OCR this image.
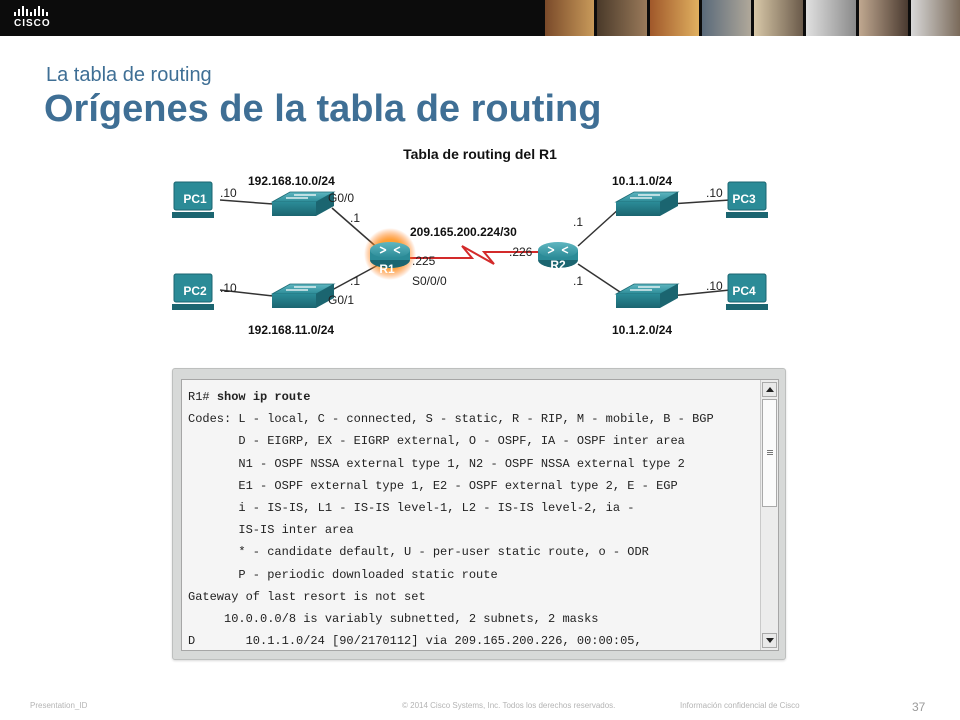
CISCO
La tabla de routing
Orígenes de la tabla de routing
Tabla de routing del R1
R1	R2
PC1
PC2
PC3
PC4
192.168.10.0/24
192.168.11.0/24
209.165.200.224/30
10.1.1.0/24
10.1.2.0/24
.10
.10
.10
.10
G0/0
.1
.1
G0/1
.225
S0/0/0
.226
.1
.1
R1# show ip route
Codes: L - local, C - connected, S - static, R - RIP, M - mobile, B - BGP
D - EIGRP, EX - EIGRP external, O - OSPF, IA - OSPF inter area
N1 - OSPF NSSA external type 1, N2 - OSPF NSSA external type 2
E1 - OSPF external type 1, E2 - OSPF external type 2, E - EGP
i - IS-IS, L1 - IS-IS level-1, L2 - IS-IS level-2, ia -
IS-IS inter area
* - candidate default, U - per-user static route, o - ODR
P - periodic downloaded static route
Gateway of last resort is not set
10.0.0.0/8 is variably subnetted, 2 subnets, 2 masks
D       10.1.1.0/24 [90/2170112] via 209.165.200.226, 00:00:05,
Presentation_ID	© 2014 Cisco Systems, Inc. Todos los derechos reservados.	Información confidencial de Cisco	37
